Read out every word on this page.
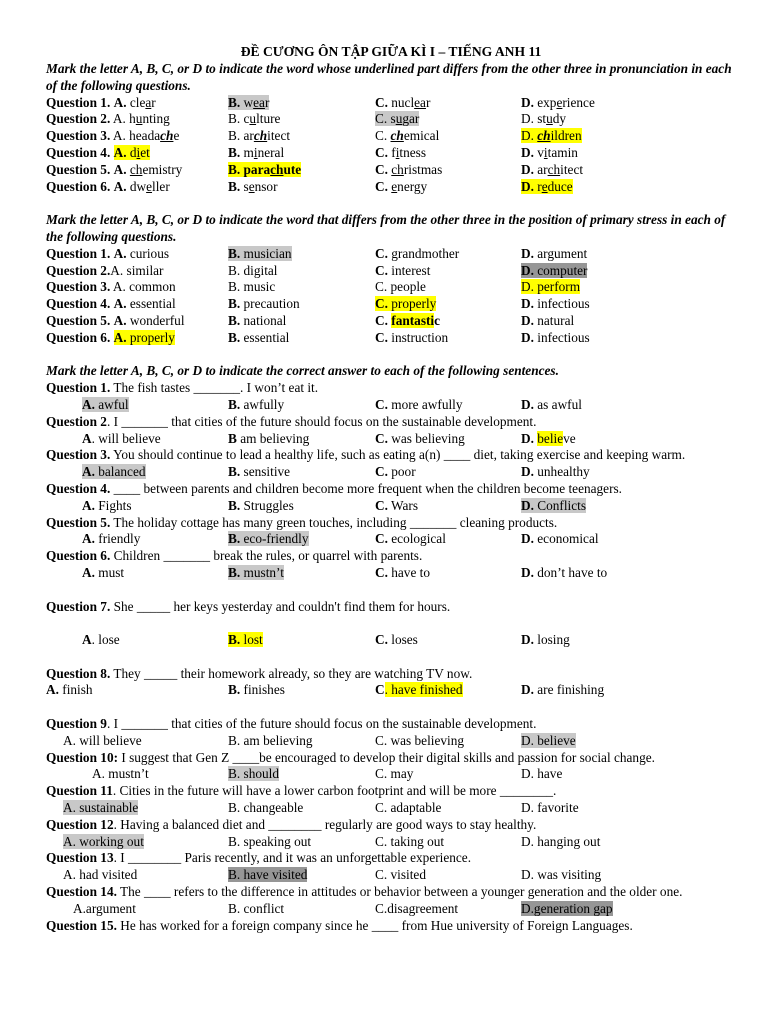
ĐỀ CƯƠNG ÔN TẬP GIỮA KÌ I – TIẾNG ANH 11
Mark the letter A, B, C, or D to indicate the word whose underlined part differs from the other three in pronunciation in each of the following questions.
Question 1. A. clear	B. wear	C. nuclear	D. experience
Question 2. A. hunting	B. culture	C. sugar	D. study
Question 3. A. headache	B. architect	C. chemical	D. children
Question 4. A. diet	B. mineral	C. fitness	D. vitamin
Question 5. A. chemistry	B. parachute	C. christmas	D. architect
Question 6. A. dweller	B. sensor	C. energy	D. reduce
Mark the letter A, B, C, or D to indicate the word that differs from the other three in the position of primary stress in each of the following questions.
Question 1. A. curious	B. musician	C. grandmother	D. argument
Question 2.A. similar	B. digital	C. interest	D. computer
Question 3. A. common	B. music	C. people	D. perform
Question 4. A. essential	B. precaution	C. properly	D. infectious
Question 5. A. wonderful	B. national	C. fantastic	D. natural
Question 6. A. properly	B. essential	C. instruction	D. infectious
Mark the letter A, B, C, or D to indicate the correct answer to each of the following sentences.
Question 1. The fish tastes _______. I won’t eat it.
A. awful	B. awfully	C. more awfully	D. as awful
Question 2. I _______ that cities of the future should focus on the sustainable development.
A. will believe	B am believing	C. was believing	D. believe
Question 3. You should continue to lead a healthy life, such as eating a(n) ____ diet, taking exercise and keeping warm.
A. balanced	B. sensitive	C. poor	D. unhealthy
Question 4. ____ between parents and children become more frequent when the children become teenagers.
A. Fights	B. Struggles	C. Wars	D. Conflicts
Question 5. The holiday cottage has many green touches, including _______ cleaning products.
A. friendly	B. eco-friendly	C. ecological	D. economical
Question 6. Children _______ break the rules, or quarrel with parents.
A. must	B. mustn’t	C. have to	D. don’t have to
Question 7. She _____ her keys yesterday and couldn't find them for hours.
A. lose	B. lost	C. loses	D. losing
Question 8. They _____ their homework already, so they are watching TV now.
A. finish	B. finishes	C. have finished	D. are finishing
Question 9. I _______ that cities of the future should focus on the sustainable development.
A. will believe	B. am believing	C. was believing	D. believe
Question 10: I suggest that Gen Z ____be encouraged to develop their digital skills and passion for social change.
A. mustn’t	B. should	C. may	D. have
Question 11. Cities in the future will have a lower carbon footprint and will be more ________.
A. sustainable	B. changeable	C. adaptable	D. favorite
Question 12. Having a balanced diet and ________ regularly are good ways to stay healthy.
A. working out	B. speaking out	C. taking out	D. hanging out
Question 13. I ________ Paris recently, and it was an unforgettable experience.
A. had visited	B. have visited	C. visited	D. was visiting
Question 14. The ____ refers to the difference in attitudes or behavior between a younger generation and the older one.
A.argument	B. conflict	C.disagreement	D.generation gap
Question 15. He has worked for a foreign company since he ____ from Hue university of Foreign Languages.
